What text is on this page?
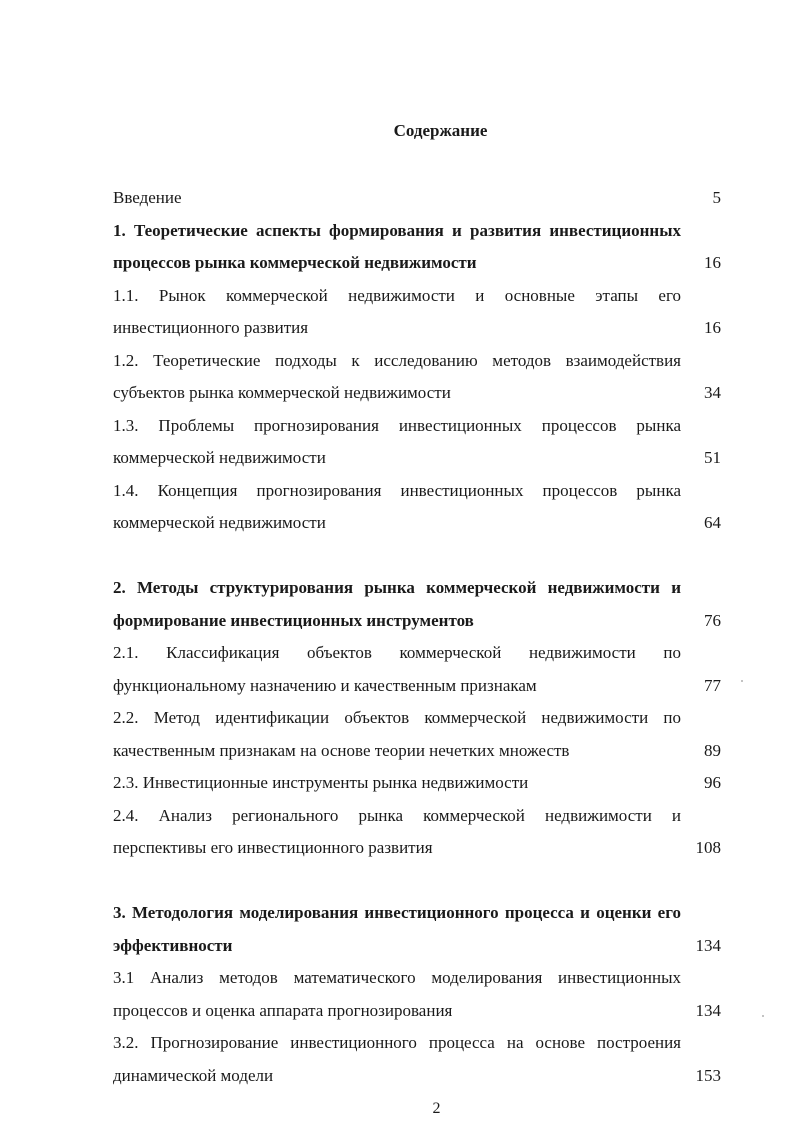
Содержание
Введение	5
1. Теоретические аспекты формирования и развития инвестиционных процессов рынка коммерческой недвижимости	16
1.1. Рынок коммерческой недвижимости и основные этапы его инвестиционного развития	16
1.2. Теоретические подходы к исследованию методов взаимодействия субъектов рынка коммерческой недвижимости	34
1.3. Проблемы прогнозирования инвестиционных процессов рынка коммерческой недвижимости	51
1.4. Концепция прогнозирования инвестиционных процессов рынка коммерческой недвижимости	64
2. Методы структурирования рынка коммерческой недвижимости и формирование инвестиционных инструментов	76
2.1. Классификация объектов коммерческой недвижимости по функциональному назначению и качественным признакам	77
2.2. Метод идентификации объектов коммерческой недвижимости по качественным признакам на основе теории нечетких множеств	89
2.3. Инвестиционные инструменты рынка недвижимости	96
2.4. Анализ регионального рынка коммерческой недвижимости и перспективы его инвестиционного развития	108
3. Методология моделирования инвестиционного процесса и оценки его эффективности	134
3.1 Анализ методов математического моделирования инвестиционных процессов и оценка аппарата прогнозирования	134
3.2. Прогнозирование инвестиционного процесса на основе построения динамической модели	153
2
